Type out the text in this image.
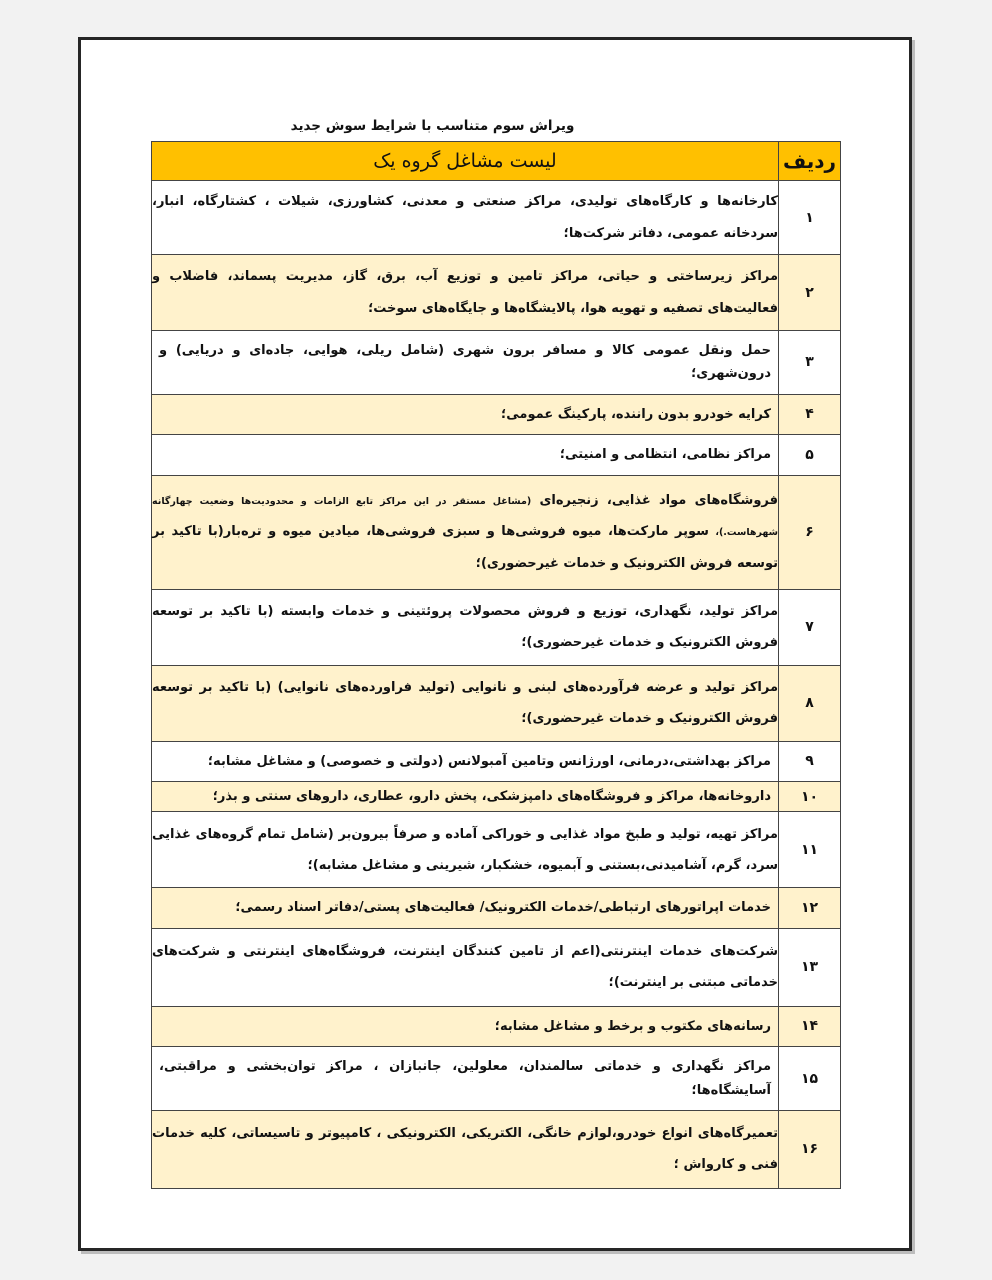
ویراش سوم متناسب با شرایط سوش جدید
ردیف	لیست مشاغل گروه یک
۱	کارخانه‌ها و کارگاه‌های تولیدی، مراکز صنعتی و معدنی، کشاورزی، شیلات ، کشتارگاه، انبار، سردخانه عمومی، دفاتر شرکت‌ها؛
۲	مراکز زیرساختی و حیاتی، مراکز تامین و توزیع آب، برق، گاز، مدیریت پسماند، فاضلاب و فعالیت‌های تصفیه و تهویه هوا، پالایشگاه‌ها و جایگاه‌های سوخت؛
۳	حمل ونقل عمومی کالا و مسافر برون شهری (شامل ریلی، هوایی، جاده‌ای و دریایی) و درون‌شهری؛
۴	کرایه خودرو بدون راننده، پارکینگ عمومی؛
۵	مراکز نظامی، انتظامی و امنیتی؛
۶	فروشگاه‌های مواد غذایی، زنجیره‌ای (مشاغل مستقر در این مراکز تابع الزامات و محدودیت‌ها وضعیت چهارگانه شهرهاست.)، سوپر مارکت‌ها، میوه فروشی‌ها و سبزی فروشی‌ها، میادین میوه و تره‌بار(با تاکید بر توسعه فروش الکترونیک و خدمات غیرحضوری)؛
۷	مراکز تولید، نگهداری، توزیع و فروش محصولات پروئتینی و خدمات وابسته (با تاکید بر توسعه فروش الکترونیک و خدمات غیرحضوری)؛
۸	مراکز تولید و عرضه فرآورده‌های لبنی و نانوایی (تولید فراورده‌های نانوایی) (با تاکید بر توسعه فروش الکترونیک و خدمات غیرحضوری)؛
۹	مراکز بهداشتی،درمانی، اورژانس وتامین آمبولانس (دولتی و خصوصی) و مشاغل مشابه؛
۱۰	داروخانه‌ها، مراکز و فروشگاه‌های دامپزشکی، پخش دارو، عطاری، داروهای سنتی و بذر؛
۱۱	مراکز تهیه، تولید و طبخ مواد غذایی و خوراکی آماده و صرفاً بیرون‌بر (شامل تمام گروه‌های غذایی سرد، گرم، آشامیدنی،بستنی و آبمیوه، خشکبار، شیرینی و مشاغل مشابه)؛
۱۲	خدمات اپراتورهای ارتباطی/خدمات الکترونیک/ فعالیت‌های پستی/دفاتر اسناد رسمی؛
۱۳	شرکت‌های خدمات اینترنتی(اعم از تامین کنندگان اینترنت، فروشگاه‌های اینترنتی و شرکت‌های خدماتی مبتنی بر اینترنت)؛
۱۴	رسانه‌های مکتوب و برخط و مشاغل مشابه؛
۱۵	مراکز نگهداری و خدماتی سالمندان، معلولین، جانبازان ، مراکز توان‌بخشی و مراقبتی، آسایشگاه‌ها؛
۱۶	تعمیرگاه‌های انواع خودرو،لوازم خانگی، الکتریکی، الکترونیکی ، کامپیوتر و تاسیساتی، کلیه خدمات فنی و کارواش ؛
